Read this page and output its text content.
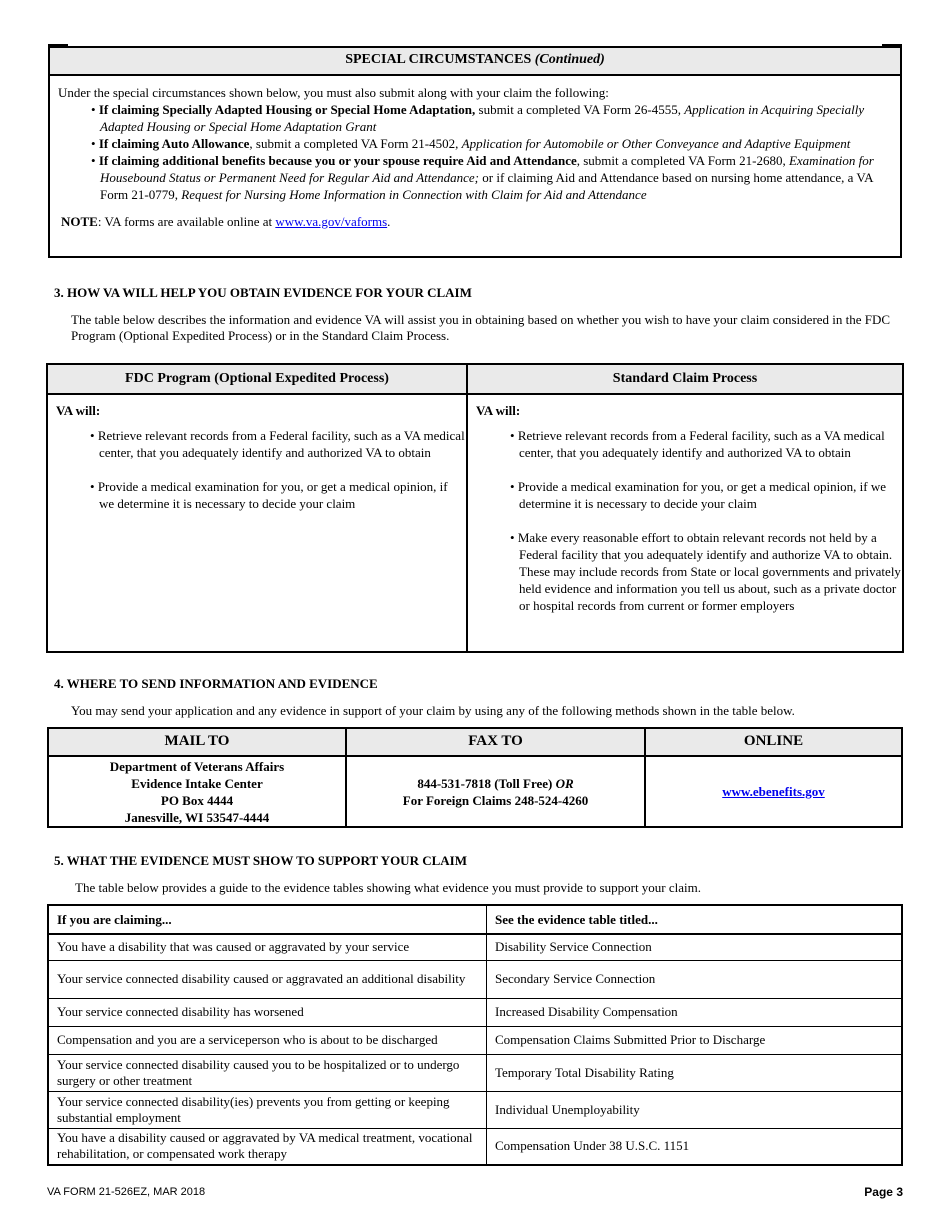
SPECIAL CIRCUMSTANCES (Continued)
Under the special circumstances shown below, you must also submit along with your claim the following:
• If claiming Specially Adapted Housing or Special Home Adaptation, submit a completed VA Form 26-4555, Application in Acquiring Specially Adapted Housing or Special Home Adaptation Grant
• If claiming Auto Allowance, submit a completed VA Form 21-4502, Application for Automobile or Other Conveyance and Adaptive Equipment
• If claiming additional benefits because you or your spouse require Aid and Attendance, submit a completed VA Form 21-2680, Examination for Housebound Status or Permanent Need for Regular Aid and Attendance; or if claiming Aid and Attendance based on nursing home attendance, a VA Form 21-0779, Request for Nursing Home Information in Connection with Claim for Aid and Attendance
NOTE: VA forms are available online at www.va.gov/vaforms.
3. HOW VA WILL HELP YOU OBTAIN EVIDENCE FOR YOUR CLAIM
The table below describes the information and evidence VA will assist you in obtaining based on whether you wish to have your claim considered in the FDC Program (Optional Expedited Process) or in the Standard Claim Process.
FDC Program (Optional Expedited Process)
VA will:
• Retrieve relevant records from a Federal facility, such as a VA medical center, that you adequately identify and authorized VA to obtain
• Provide a medical examination for you, or get a medical opinion, if we determine it is necessary to decide your claim
Standard Claim Process
VA will:
• Retrieve relevant records from a Federal facility, such as a VA medical center, that you adequately identify and authorized VA to obtain
• Provide a medical examination for you, or get a medical opinion, if we determine it is necessary to decide your claim
• Make every reasonable effort to obtain relevant records not held by a Federal facility that you adequately identify and authorize VA to obtain. These may include records from State or local governments and privately held evidence and information you tell us about, such as a private doctor or hospital records from current or former employers
4. WHERE TO SEND INFORMATION AND EVIDENCE
You may send your application and any evidence in support of your claim by using any of the following methods shown in the table below.
MAIL TO
Department of Veterans Affairs
Evidence Intake Center
PO Box 4444
Janesville, WI 53547-4444
FAX TO
844-531-7818 (Toll Free) OR
For Foreign Claims 248-524-4260
ONLINE
www.ebenefits.gov
5. WHAT THE EVIDENCE MUST SHOW TO SUPPORT YOUR CLAIM
The table below provides a guide to the evidence tables showing what evidence you must provide to support your claim.
If you are claiming...	See the evidence table titled...
You have a disability that was caused or aggravated by your service	Disability Service Connection
Your service connected disability caused or aggravated an additional disability	Secondary Service Connection
Your service connected disability has worsened	Increased Disability Compensation
Compensation and you are a serviceperson who is about to be discharged	Compensation Claims Submitted Prior to Discharge
Your service connected disability caused you to be hospitalized or to undergo surgery or other treatment	Temporary Total Disability Rating
Your service connected disability(ies) prevents you from getting or keeping substantial employment	Individual Unemployability
You have a disability caused or aggravated by VA medical treatment, vocational rehabilitation, or compensated work therapy	Compensation Under 38 U.S.C. 1151
VA FORM 21-526EZ, MAR 2018	Page 3
